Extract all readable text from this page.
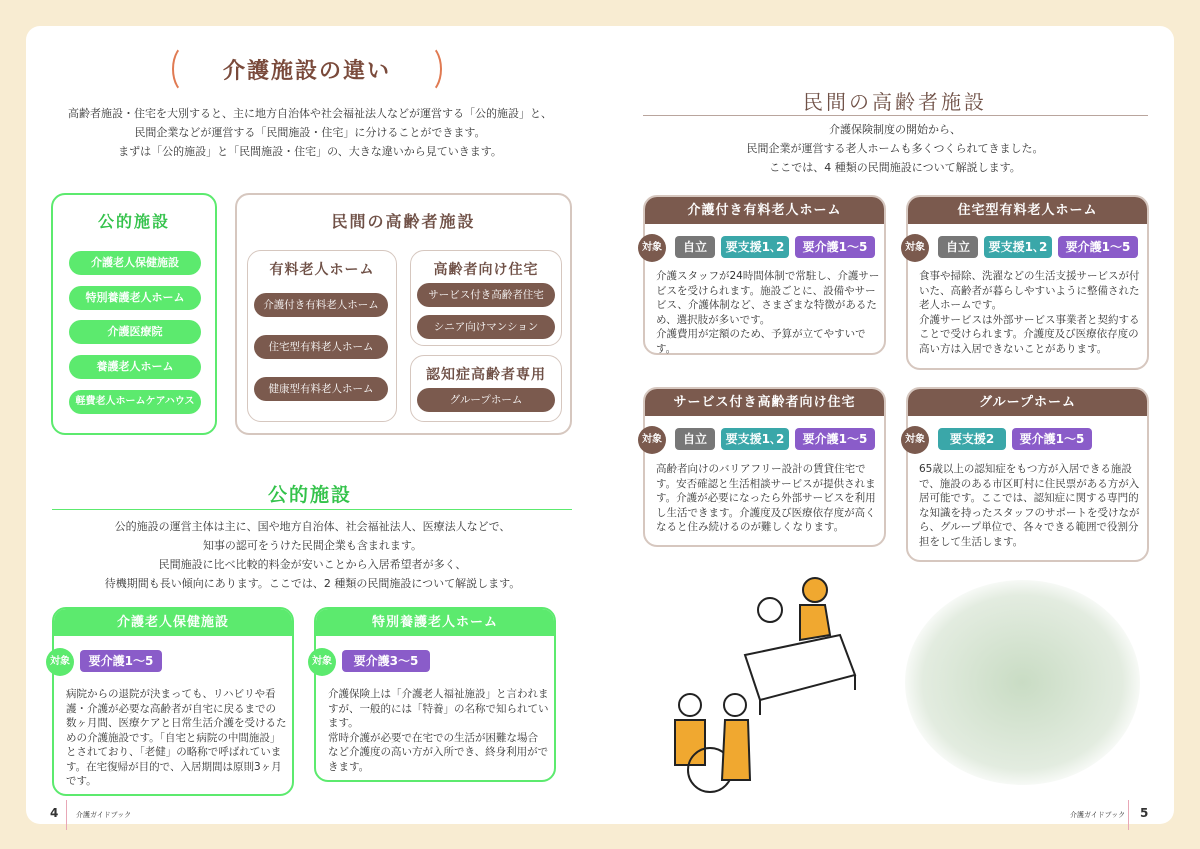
介護施設の違い
高齢者施設・住宅を大別すると、主に地方自治体や社会福祉法人などが運営する「公的施設」と、
民間企業などが運営する「民間施設・住宅」に分けることができます。
まずは「公的施設」と「民間施設・住宅」の、大きな違いから見ていきます。
公的施設
介護老人保健施設
特別養護老人ホーム
介護医療院
養護老人ホーム
軽費老人ホームケアハウス
民間の高齢者施設
有料老人ホーム
介護付き有料老人ホーム
住宅型有料老人ホーム
健康型有料老人ホーム
高齢者向け住宅
サービス付き高齢者住宅
シニア向けマンション
認知症高齢者専用
グループホーム
公的施設
公的施設の運営主体は主に、国や地方自治体、社会福祉法人、医療法人などで、
知事の認可をうけた民間企業も含まれます。
民間施設に比べ比較的料金が安いことから入居希望者が多く、
待機期間も長い傾向にあります。ここでは、2 種類の民間施設について解説します。
介護老人保健施設
対象	要介護1〜5
病院からの退院が決まっても、リハビリや看
護・介護が必要な高齢者が自宅に戻るまでの
数ヶ月間、医療ケアと日常生活介護を受けるた
めの介護施設です。「自宅と病院の中間施設」
とされており、「老健」の略称で呼ばれていま
す。在宅復帰が目的で、入居期間は原則3ヶ月
です。
特別養護老人ホーム
対象	要介護3〜5
介護保険上は「介護老人福祉施設」と言われま
すが、一般的には「特養」の名称で知られてい
ます。
常時介護が必要で在宅での生活が困難な場合
など介護度の高い方が入所でき、終身利用がで
きます。
4	介護ガイドブック
民間の高齢者施設
介護保険制度の開始から、
民間企業が運営する老人ホームも多くつくられてきました。
ここでは、4 種類の民間施設について解説します。
介護付き有料老人ホーム
対象	自立	要支援1､2	要介護1〜5
介護スタッフが24時間体制で常駐し、介護サー
ビスを受けられます。施設ごとに、設備やサー
ビス、介護体制など、さまざまな特徴があるた
め、選択肢が多いです。
介護費用が定額のため、予算が立てやすいです。
住宅型有料老人ホーム
対象	自立	要支援1､2	要介護1〜5
食事や掃除、洗濯などの生活支援サービスが付
いた、高齢者が暮らしやすいように整備された
老人ホームです。
介護サービスは外部サービス事業者と契約する
ことで受けられます。介護度及び医療依存度の
高い方は入居できないことがあります。
サービス付き高齢者向け住宅
対象	自立	要支援1､2	要介護1〜5
高齢者向けのバリアフリー設計の賃貸住宅で
す。安否確認と生活相談サービスが提供されま
す。介護が必要になったら外部サービスを利用
し生活できます。介護度及び医療依存度が高く
なると住み続けるのが難しくなります。
グループホーム
対象	要支援2	要介護1〜5
65歳以上の認知症をもつ方が入居できる施設
で、施設のある市区町村に住民票がある方が入
居可能です。ここでは、認知症に関する専門的
な知識を持ったスタッフのサポートを受けなが
ら、グループ単位で、各々できる範囲で役割分
担をして生活します。
介護ガイドブック 5
